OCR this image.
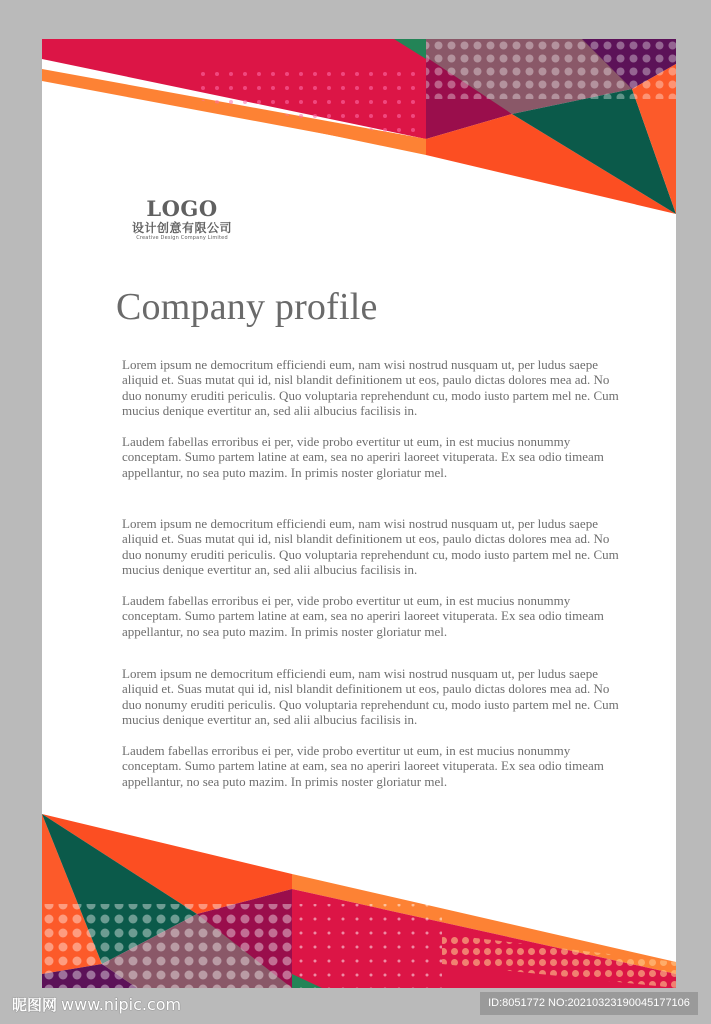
LOGO
设计创意有限公司
Creative Design Company Limited
Company profile

Lorem ipsum ne democritum efficiendi eum, nam wisi nostrud nusquam ut, per ludus saepe aliquid et. Suas mutat qui id, nisl blandit definitionem ut eos, paulo dictas dolores mea ad. No duo nonumy eruditi periculis. Quo voluptaria reprehendunt cu, modo iusto partem mel ne. Cum mucius denique evertitur an, sed alii albucius facilisis in.

Laudem fabellas erroribus ei per, vide probo evertitur ut eum, in est mucius nonummy conceptam. Sumo partem latine at eam, sea no aperiri laoreet vituperata. Ex sea odio timeam appellantur, no sea puto mazim. In primis noster gloriatur mel.

Lorem ipsum ne democritum efficiendi eum, nam wisi nostrud nusquam ut, per ludus saepe aliquid et. Suas mutat qui id, nisl blandit definitionem ut eos, paulo dictas dolores mea ad. No duo nonumy eruditi periculis. Quo voluptaria reprehendunt cu, modo iusto partem mel ne. Cum mucius denique evertitur an, sed alii albucius facilisis in.

Laudem fabellas erroribus ei per, vide probo evertitur ut eum, in est mucius nonummy conceptam. Sumo partem latine at eam, sea no aperiri laoreet vituperata. Ex sea odio timeam appellantur, no sea puto mazim. In primis noster gloriatur mel.

Lorem ipsum ne democritum efficiendi eum, nam wisi nostrud nusquam ut, per ludus saepe aliquid et. Suas mutat qui id, nisl blandit definitionem ut eos, paulo dictas dolores mea ad. No duo nonumy eruditi periculis. Quo voluptaria reprehendunt cu, modo iusto partem mel ne. Cum mucius denique evertitur an, sed alii albucius facilisis in.

Laudem fabellas erroribus ei per, vide probo evertitur ut eum, in est mucius nonummy conceptam. Sumo partem latine at eam, sea no aperiri laoreet vituperata. Ex sea odio timeam appellantur, no sea puto mazim. In primis noster gloriatur mel.

昵图网 www.nipic.com	ID:8051772 NO:20210323190045177106
